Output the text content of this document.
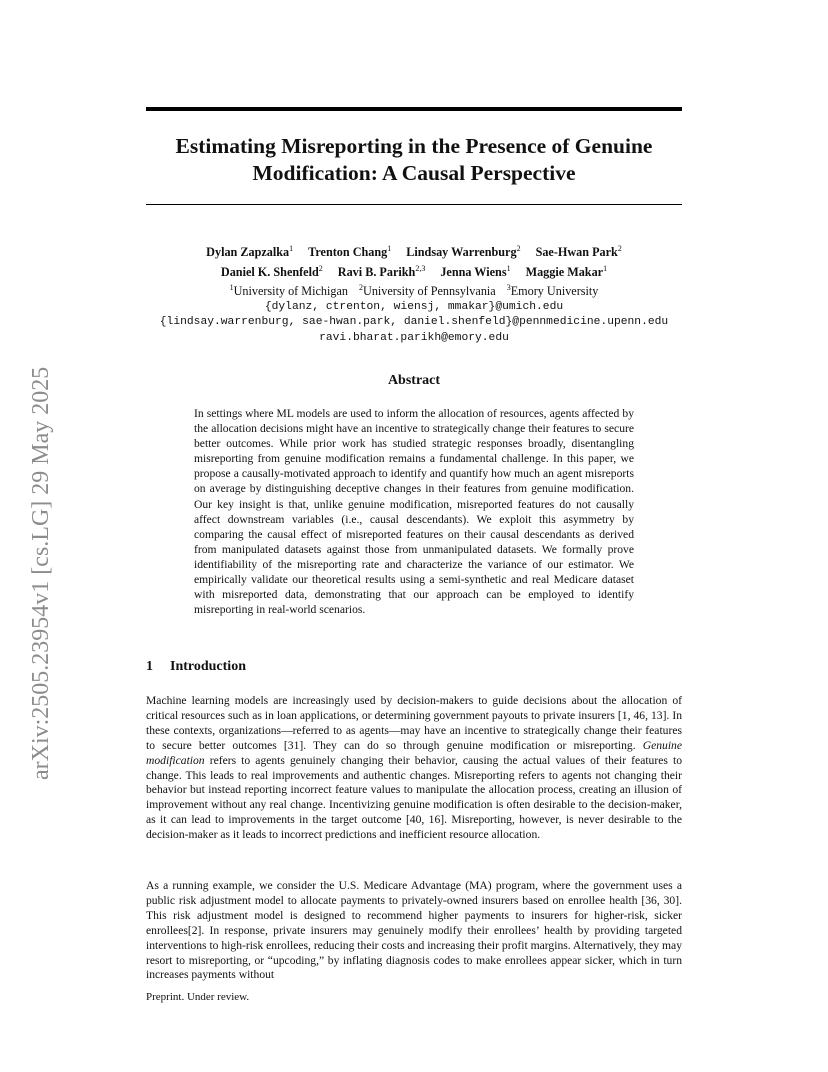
arXiv:2505.23954v1 [cs.LG] 29 May 2025
Estimating Misreporting in the Presence of Genuine
Modification: A Causal Perspective
Dylan Zapzalka$^1$ Trenton Chang$^1$ Lindsay Warrenburg$^2$ Sae-Hwan Park$^2$
Daniel K. Shenfeld$^2$ Ravi B. Parikh$^{2,3}$ Jenna Wiens$^1$ Maggie Makar$^1$
$^1$University of Michigan $^2$University of Pennsylvania $^3$Emory University
{dylanz, ctrenton, wiensj, mmakar}@umich.edu
{lindsay.warrenburg, sae-hwan.park, daniel.shenfeld}@pennmedicine.upenn.edu
ravi.bharat.parikh@emory.edu
Abstract

In settings where ML models are used to inform the allocation of resources, agents affected by the allocation decisions might have an incentive to strategically change their features to secure better outcomes. While prior work has studied strategic responses broadly, disentangling misreporting from genuine modification remains a fundamental challenge. In this paper, we propose a causally-motivated approach to identify and quantify how much an agent misreports on average by distinguishing deceptive changes in their features from genuine modification. Our key insight is that, unlike genuine modification, misreported features do not causally affect downstream variables (i.e., causal descendants). We exploit this asymmetry by comparing the causal effect of misreported features on their causal descendants as derived from manipulated datasets against those from unmanipulated datasets. We formally prove identifiability of the misreporting rate and characterize the variance of our estimator. We empirically validate our theoretical results using a semi-synthetic and real Medicare dataset with misreported data, demonstrating that our approach can be employed to identify misreporting in real-world scenarios.

1 Introduction

Machine learning models are increasingly used by decision-makers to guide decisions about the allocation of critical resources such as in loan applications, or determining government payouts to private insurers [1, 46, 13]. In these contexts, organizations—referred to as agents—may have an incentive to strategically change their features to secure better outcomes [31]. They can do so through genuine modification or misreporting. Genuine modification refers to agents genuinely changing their behavior, causing the actual values of their features to change. This leads to real improvements and authentic changes. Misreporting refers to agents not changing their behavior but instead reporting incorrect feature values to manipulate the allocation process, creating an illusion of improvement without any real change. Incentivizing genuine modification is often desirable to the decision-maker, as it can lead to improvements in the target outcome [40, 16]. Misreporting, however, is never desirable to the decision-maker as it leads to incorrect predictions and inefficient resource allocation.

As a running example, we consider the U.S. Medicare Advantage (MA) program, where the government uses a public risk adjustment model to allocate payments to privately-owned insurers based on enrollee health [36, 30]. This risk adjustment model is designed to recommend higher payments to insurers for higher-risk, sicker enrollees[2]. In response, private insurers may genuinely modify their enrollees’ health by providing targeted interventions to high-risk enrollees, reducing their costs and increasing their profit margins. Alternatively, they may resort to misreporting, or “upcoding,” by inflating diagnosis codes to make enrollees appear sicker, which in turn increases payments without

Preprint. Under review.
